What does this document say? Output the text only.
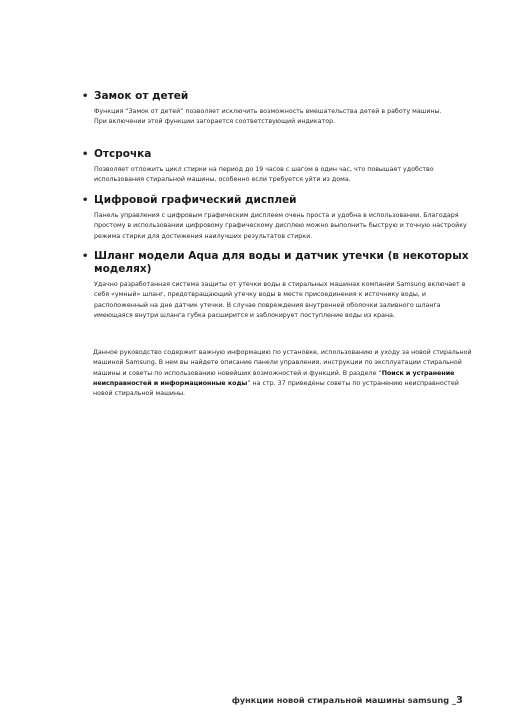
• Замок от детей

Функция “Замок от детей” позволяет исключить возможность вмешательства детей в работу машины.

При включении этой функции загорается соответствующий индикатор.

• Отсрочка

Позволяет отложить цикл стирки на период до 19 часов с шагом в один час, что повышает удобство использования стиральной машины, особенно если требуется уйти из дома.

• Цифровой графический дисплей

Панель управления с цифровым графическим дисплеем очень проста и удобна в использовании. Благодаря простому в использовании цифровому графическому дисплею можно выполнить быструю и точную настройку режима стирки для достижения наилучших результатов стирки.

• Шланг модели Aqua для воды и датчик утечки (в некоторых моделях)

Удачно разработанная система защиты от утечки воды в стиральных машинах компании Samsung включает в себя «умный» шланг, предотвращающий утечку воды в месте присоединения к источнику воды, и расположенный на дне датчик утечки. В случае повреждения внутренней оболочки заливного шланга имеющаяся внутри шланга губка расширится и заблокирует поступление воды из крана.

Данное руководство содержит важную информацию по установке, использованию и уходу за новой стиральной машиной Samsung. В нем вы найдете описание панели управления, инструкции по эксплуатации стиральной машины и советы по использованию новейших возможностей и функций. В разделе “Поиск и устранение неисправностей и информационные коды” на стр. 37 приведены советы по устранению неисправностей новой стиральной машины.

функции новой стиральной машины samsung _3
